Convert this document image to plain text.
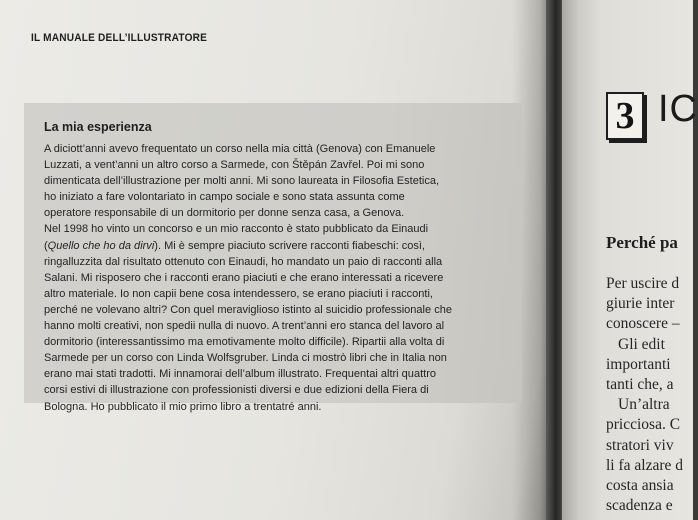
IL MANUALE DELL’ILLUSTRATORE
La mia esperienza
A diciott’anni avevo frequentato un corso nella mia città (Genova) con Emanuele
Luzzati, a vent’anni un altro corso a Sarmede, con Štěpán Zavřel. Poi mi sono
dimenticata dell’illustrazione per molti anni. Mi sono laureata in Filosofia Estetica,
ho iniziato a fare volontariato in campo sociale e sono stata assunta come
operatore responsabile di un dormitorio per donne senza casa, a Genova.
Nel 1998 ho vinto un concorso e un mio racconto è stato pubblicato da Einaudi
(Quello che ho da dirvi). Mi è sempre piaciuto scrivere racconti fiabeschi: così,
ringalluzzita dal risultato ottenuto con Einaudi, ho mandato un paio di racconti alla
Salani. Mi risposero che i racconti erano piaciuti e che erano interessati a ricevere
altro materiale. Io non capii bene cosa intendessero, se erano piaciuti i racconti,
perché ne volevano altri? Con quel meraviglioso istinto al suicidio professionale che
hanno molti creativi, non spedii nulla di nuovo. A trent’anni ero stanca del lavoro al
dormitorio (interessantissimo ma emotivamente molto difficile). Ripartii alla volta di
Sarmede per un corso con Linda Wolfsgruber. Linda ci mostrò libri che in Italia non
erano mai stati tradotti. Mi innamorai dell’album illustrato. Frequentai altri quattro
corsi estivi di illustrazione con professionisti diversi e due edizioni della Fiera di
Bologna. Ho pubblicato il mio primo libro a trentatré anni.
3 IC
Perché pa
Per uscire d
giurie inter
conoscere –
Gli edit
importanti
tanti che, a
Un’altra
pricciosa. C
stratori viv
li fa alzare d
costa ansia
scadenza e
